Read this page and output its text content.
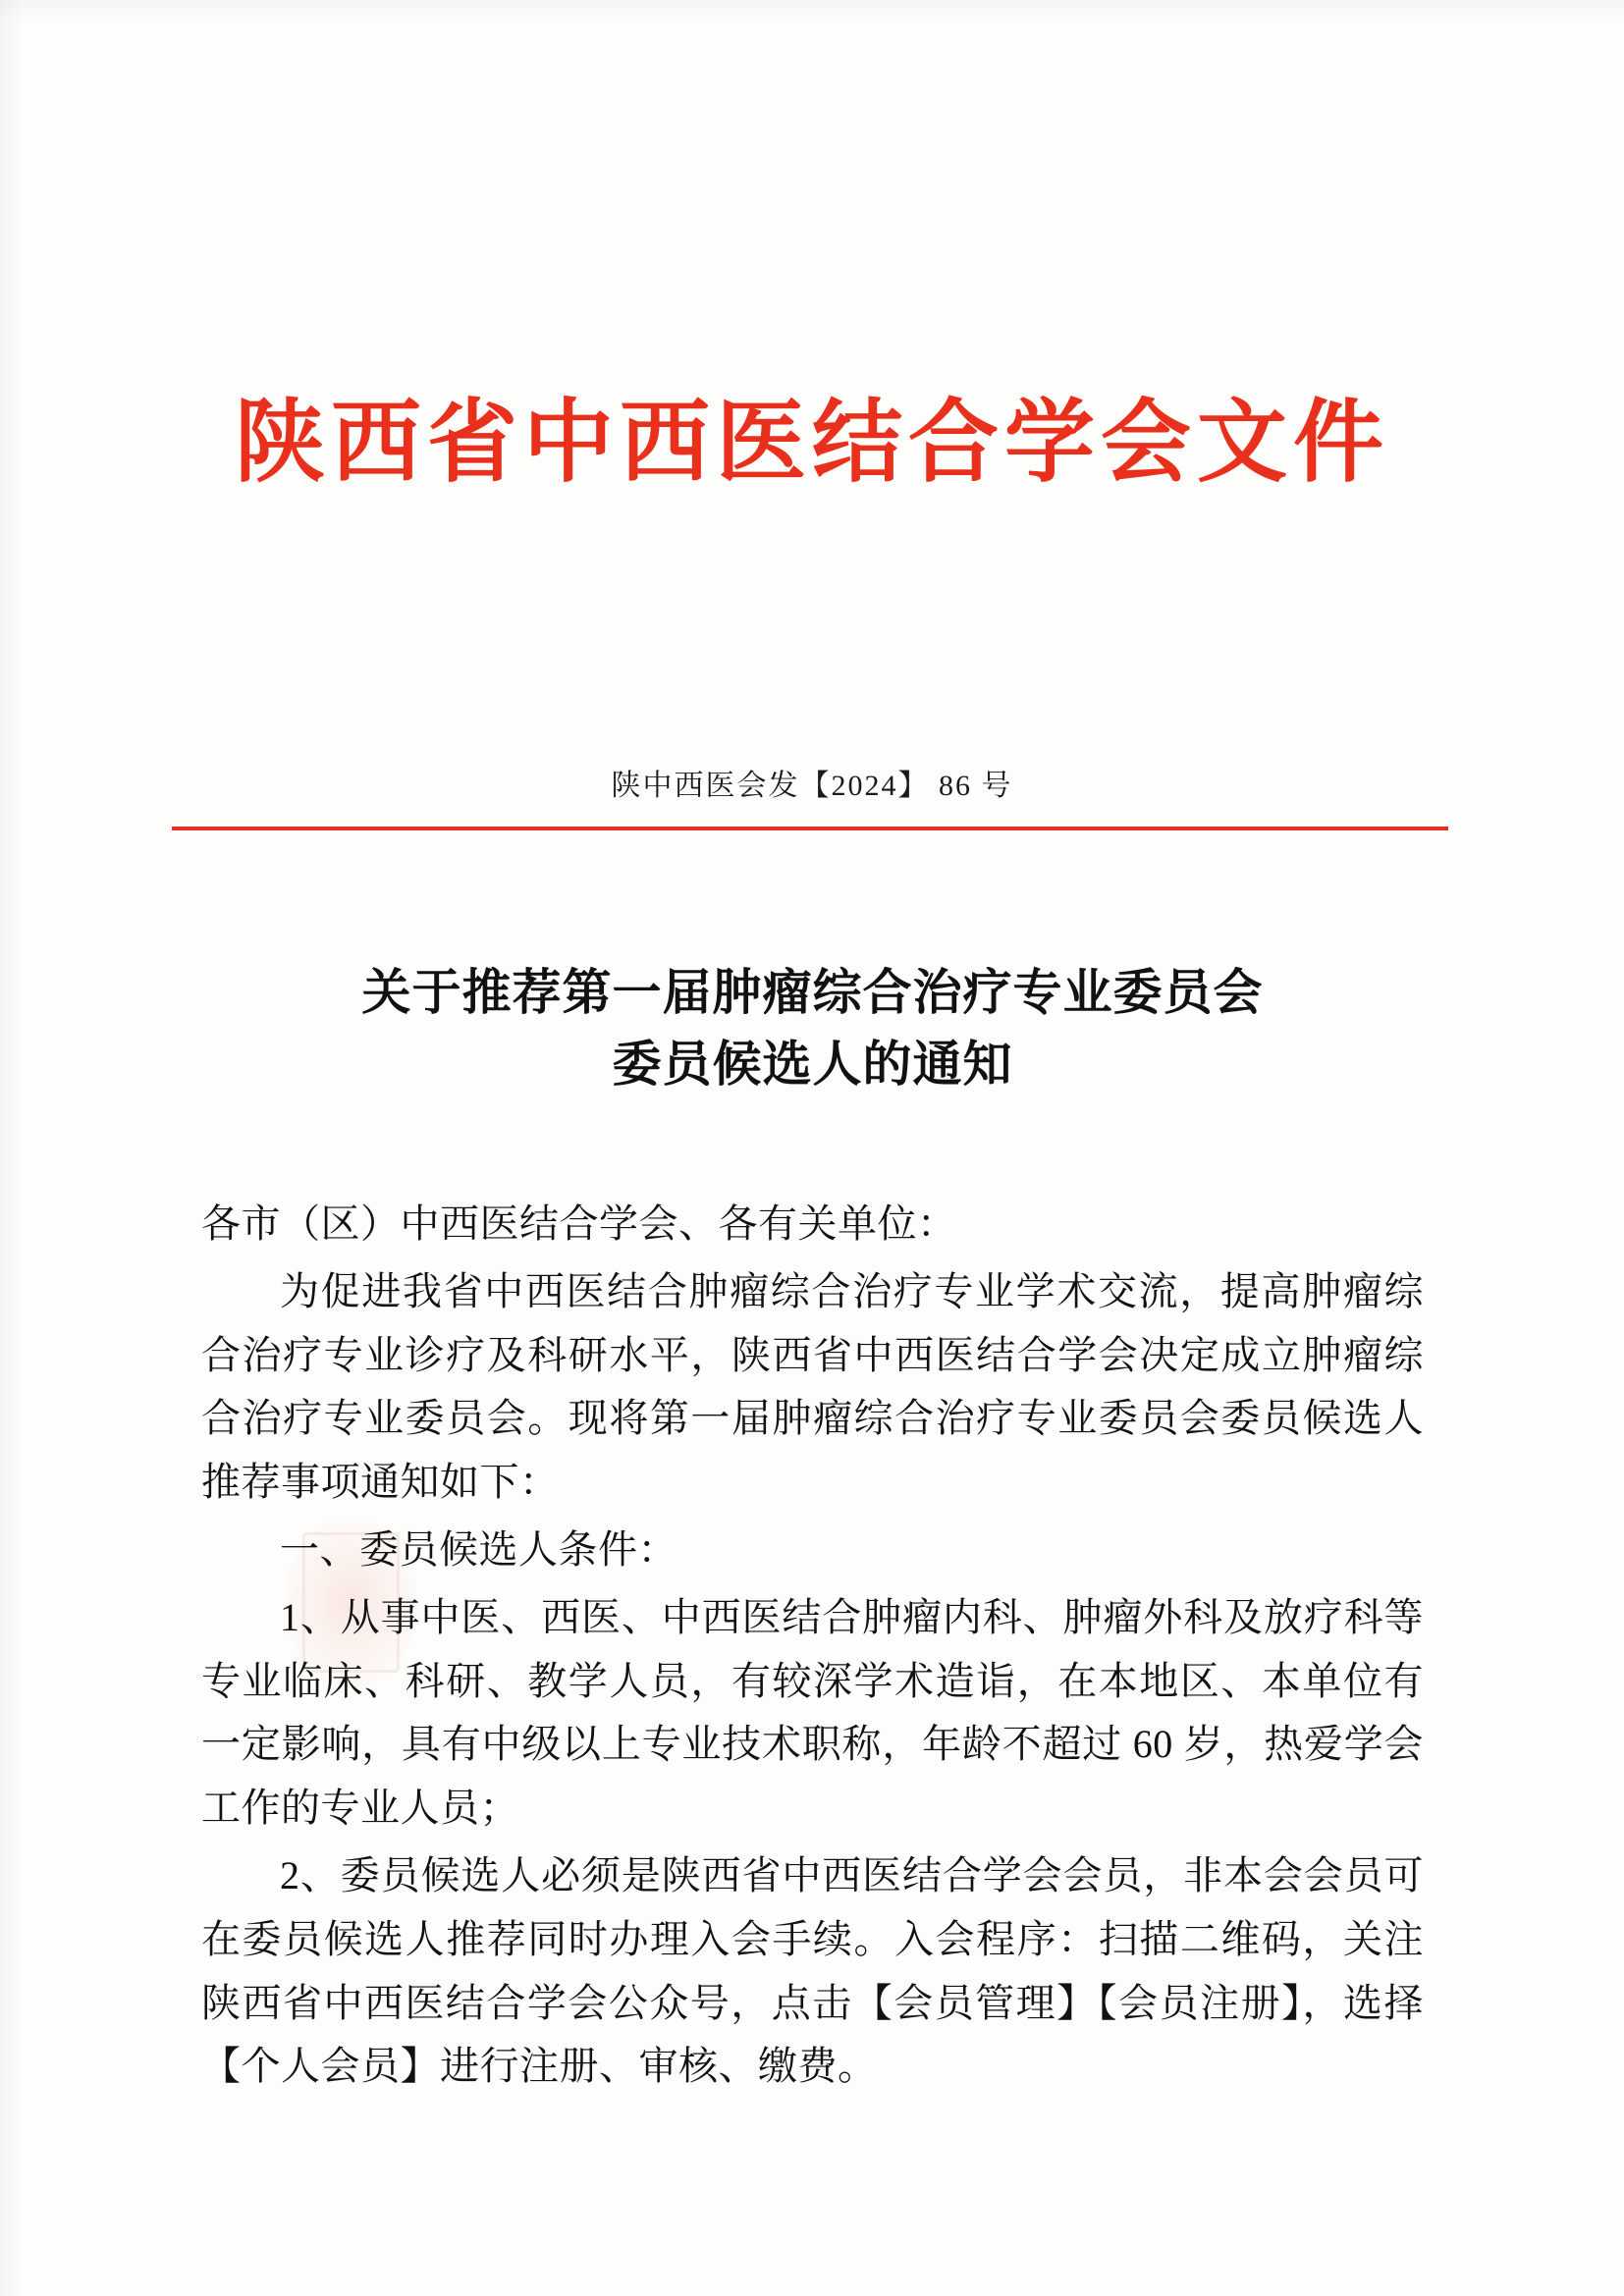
陕西省中西医结合学会文件
陕中西医会发【2024】 86 号
关于推荐第一届肿瘤综合治疗专业委员会
委员候选人的通知

各市（区）中西医结合学会、各有关单位：

为促进我省中西医结合肿瘤综合治疗专业学术交流，提高肿瘤综合治疗专业诊疗及科研水平，陕西省中西医结合学会决定成立肿瘤综合治疗专业委员会。现将第一届肿瘤综合治疗专业委员会委员候选人推荐事项通知如下：

一、委员候选人条件：

1、从事中医、西医、中西医结合肿瘤内科、肿瘤外科及放疗科等专业临床、科研、教学人员，有较深学术造诣，在本地区、本单位有一定影响，具有中级以上专业技术职称，年龄不超过 60 岁，热爱学会工作的专业人员；

2、委员候选人必须是陕西省中西医结合学会会员，非本会会员可在委员候选人推荐同时办理入会手续。入会程序：扫描二维码，关注陕西省中西医结合学会公众号，点击【会员管理】【会员注册】，选择【个人会员】进行注册、审核、缴费。
